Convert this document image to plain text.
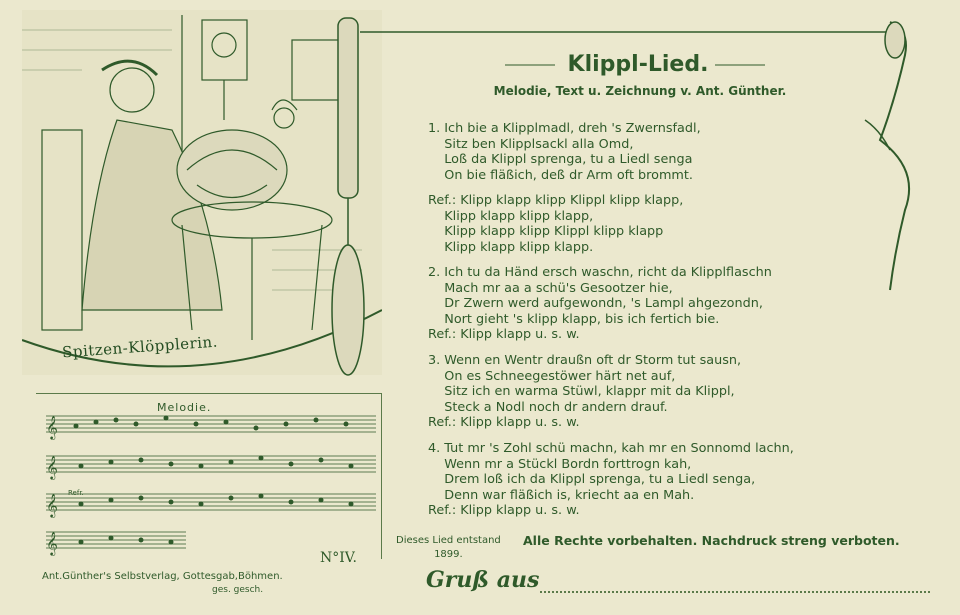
Spitzen-Klöpplerin.
𝄞
𝄞
𝄞
𝄞
Melodie.
Refr.
N°IV.
Ant.Günther's Selbstverlag, Gottesgab,Böhmen.
ges. gesch.
Klippl-Lied.
Melodie, Text u. Zeichnung v. Ant. Günther.
1. Ich bie a Klipplmadl, dreh 's Zwernsfadl,
Sitz ben Klipplsackl alla Omd,
Loß da Klippl sprenga, tu a Liedl senga
On bie fläßich, deß dr Arm oft brommt.
Ref.: Klipp klapp klipp Klippl klipp klapp,
Klipp klapp klipp klapp,
Klipp klapp klipp Klippl klipp klapp
Klipp klapp klipp klapp.
2. Ich tu da Händ ersch waschn, richt da Klipplflaschn
Mach mr aa a schü's Gesootzer hie,
Dr Zwern werd aufgewondn, 's Lampl ahgezondn,
Nort gieht 's klipp klapp, bis ich fertich bie.
Ref.: Klipp klapp u. s. w.
3. Wenn en Wentr draußn oft dr Storm tut sausn,
On es Schneegestöwer härt net auf,
Sitz ich en warma Stüwl, klappr mit da Klippl,
Steck a Nodl noch dr andern drauf.
Ref.: Klipp klapp u. s. w.
4. Tut mr 's Zohl schü machn, kah mr en Sonnomd lachn,
Wenn mr a Stückl Bordn forttrogn kah,
Drem loß ich da Klippl sprenga, tu a Liedl senga,
Denn war fläßich is, kriecht aa en Mah.
Ref.: Klipp klapp u. s. w.
Dieses Lied entstand
1899.
Alle Rechte vorbehalten. Nachdruck streng verboten.
Gruß aus
